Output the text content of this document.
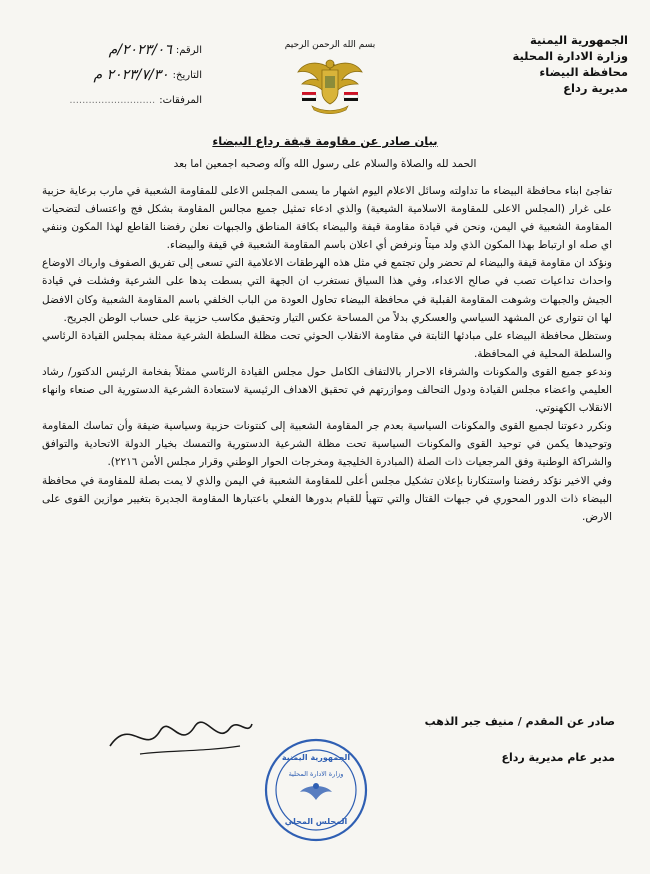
الجمهورية اليمنية
وزارة الادارة المحلية
محافظة البيضاء
مديرية رداع
بسم الله الرحمن الرحيم
الرقم:
٢٠٢٣/٠٦/م
التاريخ:
٢٠٢٣/٧/٣٠ م
المرفقات:
...........................
بيان صادر عن مقاومة قيفة رداع البيضاء
الحمد لله والصلاة والسلام على رسول الله وآله وصحبه اجمعين اما بعد

تفاجئ ابناء محافظة البيضاء ما تداولته وسائل الاعلام اليوم اشهار ما يسمى المجلس الاعلى للمقاومة الشعبية في مارب برعاية حزبية على غرار (المجلس الاعلى للمقاومة الاسلامية الشيعية) والذي ادعاء تمثيل جميع مجالس المقاومة بشكل فج واعتساف لتضحيات المقاومة الشعبية في اليمن، ونحن في قيادة مقاومة قيفة والبيضاء بكافة المناطق والجبهات نعلن رفضنا القاطع لهذا المكون وننفي اي صله او ارتباط بهذا المكون الذي ولد ميتاً ونرفض أي اعلان باسم المقاومة الشعبية في قيفة والبيضاء.

ونؤكد ان مقاومة قيفة والبيضاء لم تحضر ولن تجتمع في مثل هذه الهرطقات الاعلامية التي تسعى إلى تفريق الصفوف وارباك الاوضاع واحداث تداعيات تصب في صالح الاعداء، وفي هذا السياق نستغرب ان الجهة التي بسطت يدها على الشرعية وفشلت في قيادة الجيش والجبهات وشوهت المقاومة القبلية في محافظة البيضاء تحاول العودة من الباب الخلفي باسم المقاومة الشعبية وكان الافضل لها ان تتوارى عن المشهد السياسي والعسكري بدلاً من المساحة عكس التيار وتحقيق مكاسب حزبية على حساب الوطن الجريح.

وستظل محافظة البيضاء على مبادئها الثابتة في مقاومة الانقلاب الحوثي تحت مظلة السلطة الشرعية ممثلة بمجلس القيادة الرئاسي والسلطة المحلية في المحافظة.

وندعو جميع القوى والمكونات والشرفاء الاحرار بالالتفاف الكامل حول مجلس القيادة الرئاسي ممثلاً بفخامة الرئيس الدكتور/ رشاد العليمي واعضاء مجلس القيادة ودول التحالف وموازرتهم في تحقيق الاهداف الرئيسية لاستعادة الشرعية الدستورية الى صنعاء وانهاء الانقلاب الكهنوتي.

ونكرر دعوتنا لجميع القوى والمكونات السياسية بعدم جر المقاومة الشعبية إلى كنتونات حزبية وسياسية ضيقة وأن تماسك المقاومة وتوحيدها يكمن في توحيد القوى والمكونات السياسية تحت مظلة الشرعية الدستورية والتمسك بخيار الدولة الاتحادية والتوافق والشراكة الوطنية وفق المرجعيات ذات الصلة (المبادرة الخليجية ومخرجات الحوار الوطني وقرار مجلس الأمن ٢٢١٦).

وفي الاخير نؤكد رفضنا واستنكارنا بإعلان تشكيل مجلس أعلى للمقاومة الشعبية في اليمن والذي لا يمت بصلة للمقاومة في محافظة البيضاء ذات الدور المحوري في جبهات القتال والتي تتهيأ للقيام بدورها الفعلي باعتبارها المقاومة الجديرة بتغيير موازين القوى على الارض.

صادر عن المقدم / منيف جبر الذهب
مدير عام مديرية رداع
الجمهورية اليمنية
وزارة الادارة المحلية
المجلس المحلي
